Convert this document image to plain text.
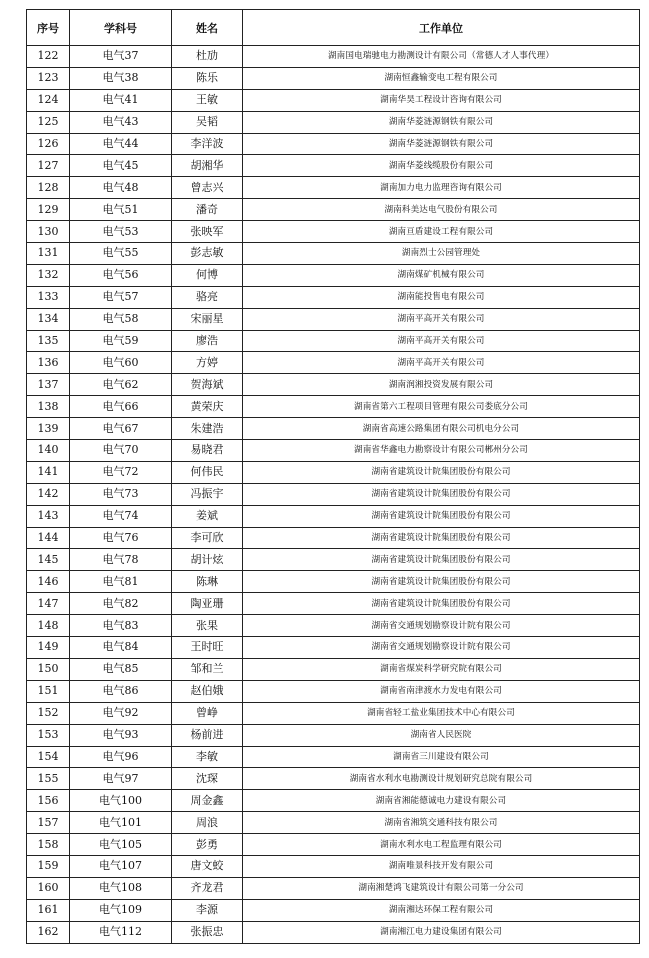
序号	学科号	姓名	工作单位
122	电气37	杜劢	湖南国电瑞驰电力勘测设计有限公司（常德人才人事代理）
123	电气38	陈乐	湖南恒鑫输变电工程有限公司
124	电气41	王敏	湖南华昊工程设计咨询有限公司
125	电气43	吴韬	湖南华菱涟源钢铁有限公司
126	电气44	李洋波	湖南华菱涟源钢铁有限公司
127	电气45	胡湘华	湖南华菱线缆股份有限公司
128	电气48	曾志兴	湖南加力电力监理咨询有限公司
129	电气51	潘奇	湖南科美达电气股份有限公司
130	电气53	张映军	湖南亘盾建设工程有限公司
131	电气55	彭志敏	湖南烈士公园管理处
132	电气56	何博	湖南煤矿机械有限公司
133	电气57	骆亮	湖南能投售电有限公司
134	电气58	宋丽星	湖南平高开关有限公司
135	电气59	廖浩	湖南平高开关有限公司
136	电气60	方婷	湖南平高开关有限公司
137	电气62	贺海斌	湖南润湘投资发展有限公司
138	电气66	黄荣庆	湖南省第六工程项目管理有限公司娄底分公司
139	电气67	朱建浩	湖南省高速公路集团有限公司机电分公司
140	电气70	易晓君	湖南省华鑫电力勘察设计有限公司郴州分公司
141	电气72	何伟民	湖南省建筑设计院集团股份有限公司
142	电气73	冯振宇	湖南省建筑设计院集团股份有限公司
143	电气74	姜斌	湖南省建筑设计院集团股份有限公司
144	电气76	李可欣	湖南省建筑设计院集团股份有限公司
145	电气78	胡计炫	湖南省建筑设计院集团股份有限公司
146	电气81	陈琳	湖南省建筑设计院集团股份有限公司
147	电气82	陶亚珊	湖南省建筑设计院集团股份有限公司
148	电气83	张果	湖南省交通规划勘察设计院有限公司
149	电气84	王时旺	湖南省交通规划勘察设计院有限公司
150	电气85	邹和兰	湖南省煤炭科学研究院有限公司
151	电气86	赵伯娥	湖南省南津渡水力发电有限公司
152	电气92	曾峥	湖南省轻工盐业集团技术中心有限公司
153	电气93	杨前进	湖南省人民医院
154	电气96	李敏	湖南省三川建设有限公司
155	电气97	沈琛	湖南省水利水电勘测设计规划研究总院有限公司
156	电气100	周金鑫	湖南省湘能德诚电力建设有限公司
157	电气101	周浪	湖南省湘筑交通科技有限公司
158	电气105	彭勇	湖南水利水电工程监理有限公司
159	电气107	唐文蛟	湖南唯景科技开发有限公司
160	电气108	齐龙君	湖南湘楚鸿飞建筑设计有限公司第一分公司
161	电气109	李源	湖南湘达环保工程有限公司
162	电气112	张振忠	湖南湘江电力建设集团有限公司
